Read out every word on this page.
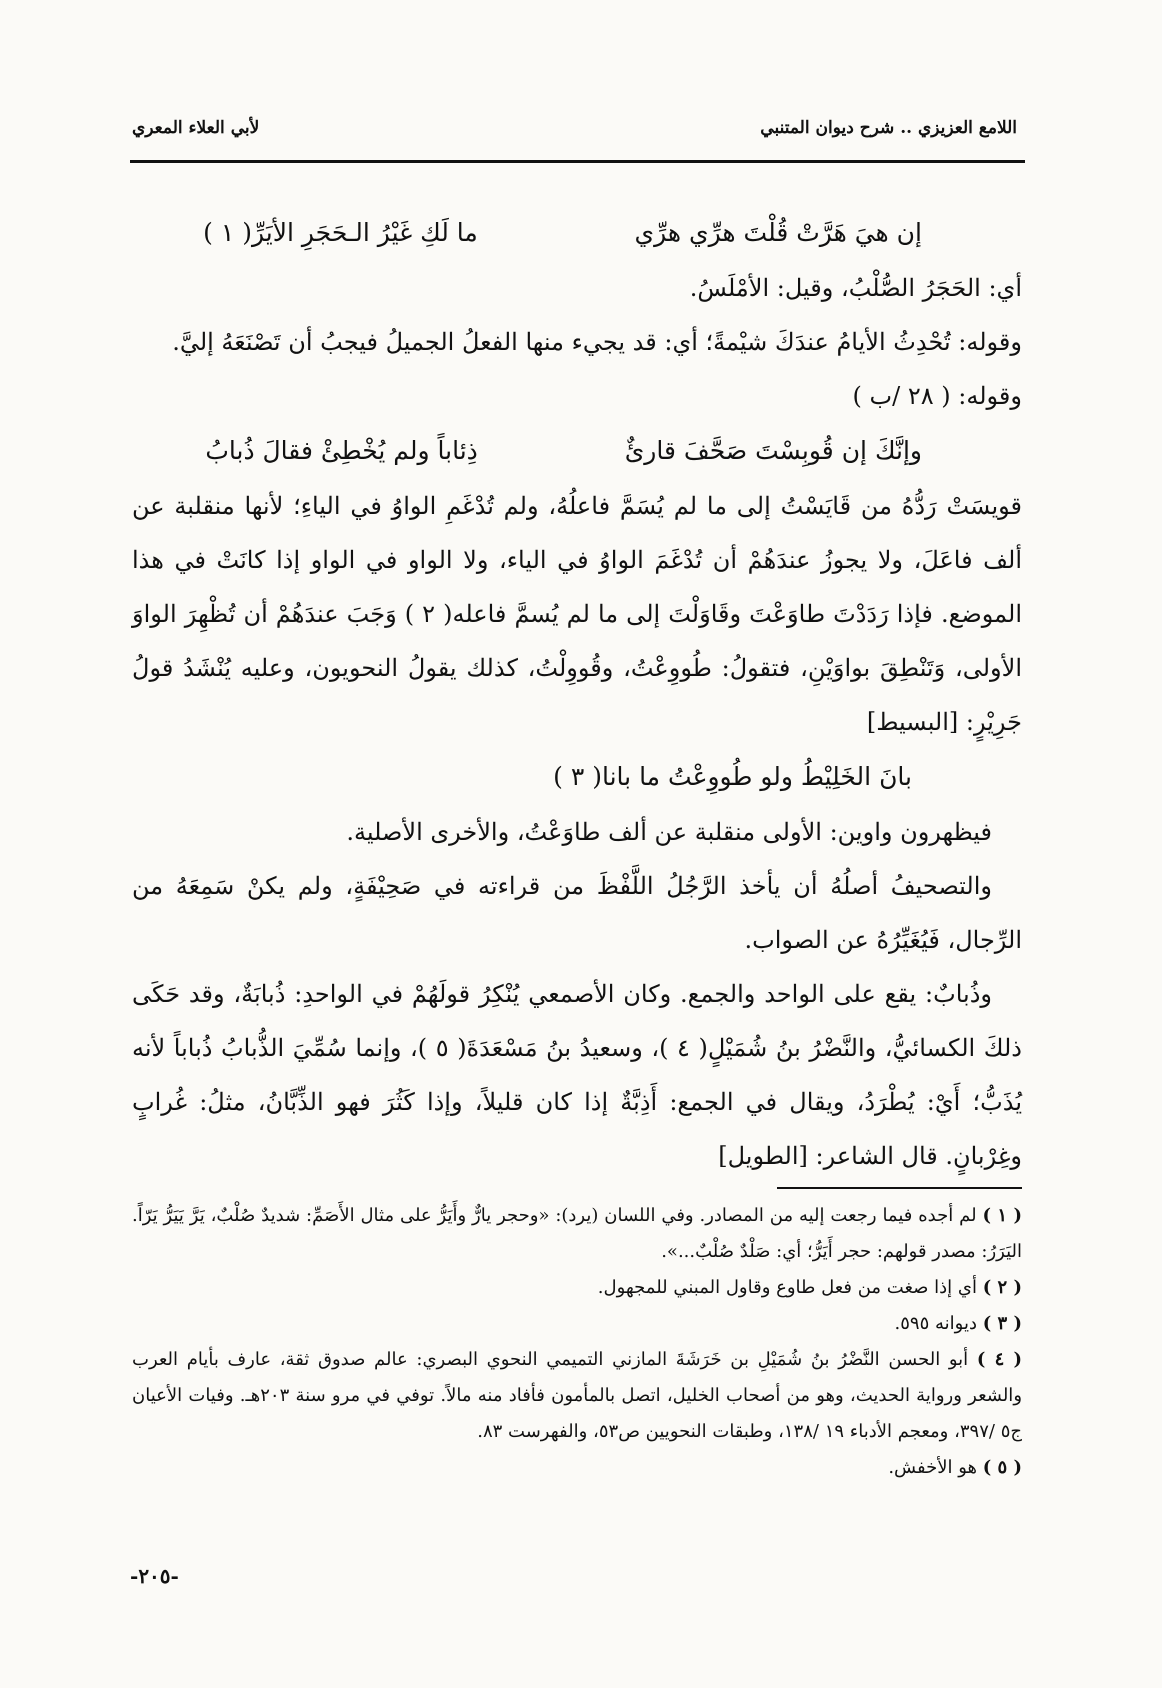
اللامع العزيزي .. شرح ديوان المتنبي
لأبي العلاء المعري
إن هيَ هَرَّتْ قُلْتَ هرِّي هرِّي
ما لَكِ غَيْرُ الـحَجَرِ الأيَرِّ( ١ )

أي: الحَجَرُ الصُّلْبُ، وقيل: الأمْلَسُ.

وقوله: تُحْدِثُ الأيامُ عندَكَ شيْمةً؛ أي: قد يجيء منها الفعلُ الجميلُ فيجبُ أن تَصْنَعَهُ إليَّ.

وقوله: ( ٢٨ /ب )

وإنَّكَ إن قُوبِسْتَ صَحَّفَ قارئٌ
ذِئاباً ولم يُخْطِئْ فقالَ ذُبابُ

قويسَتْ رَدُّهُ من قَايَسْتُ إلى ما لم يُسَمَّ فاعلُهُ، ولم تُدْغَمِ الواوُ في الياءِ؛ لأنها منقلبة عن ألف فاعَلَ، ولا يجوزُ عندَهُمْ أن تُدْغَمَ الواوُ في الياء، ولا الواو في الواو إذا كانَتْ في هذا الموضع. فإذا رَدَدْتَ طاوَعْتَ وقَاوَلْتَ إلى ما لم يُسمَّ فاعله( ٢ ) وَجَبَ عندَهُمْ أن تُظْهِرَ الواوَ الأولى، وَتَنْطِقَ بواوَيْنِ، فتقولُ: طُووِعْتُ، وقُووِلْتُ، كذلك يقولُ النحويون، وعليه يُنْشَدُ قولُ جَرِيْرٍ: [البسيط]

بانَ الخَلِيْطُ ولو طُووِعْتُ ما بانا( ٣ )

فيظهرون واوين: الأولى منقلبة عن ألف طاوَعْتُ، والأخرى الأصلية.

والتصحيفُ أصلُهُ أن يأخذ الرَّجُلُ اللَّفْظَ من قراءته في صَحِيْفَةٍ، ولم يكنْ سَمِعَهُ من الرِّجال، فَيُغَيِّرُهُ عن الصواب.

وذُبابٌ: يقع على الواحد والجمع. وكان الأصمعي يُنْكِرُ قولَهُمْ في الواحدِ: ذُبابَةٌ، وقد حَكَى ذلكَ الكسائيُّ، والنَّضْرُ بنُ شُمَيْلٍ( ٤ )، وسعيدُ بنُ مَسْعَدَةَ( ٥ )، وإنما سُمِّيَ الذُّبابُ ذُباباً لأنه يُذَبُّ؛ أَيْ: يُطْرَدُ، ويقال في الجمع: أَذِبَّةٌ إذا كان قليلاً، وإذا كَثُرَ فهو الذِّبَّانُ، مثلُ: غُرابٍ وغِرْبانٍ. قال الشاعر: [الطويل]

( ١ ) لم أجده فيما رجعت إليه من المصادر. وفي اللسان (يرد): «وحجر يارٌّ وأَيَرُّ على مثال الأَصَمِّ: شديدٌ صُلْبٌ، يَرَّ يَيَرُّ يَرّاً. اليَرَرُ: مصدر قولهم: حجر أَيَرُّ؛ أي: صَلْدٌ صُلْبٌ...».

( ٢ ) أي إذا صغت من فعل طاوع وقاول المبني للمجهول.

( ٣ ) ديوانه ٥٩٥.

( ٤ ) أبو الحسن النَّضْرُ بنُ شُمَيْلِ بن خَرَشَةَ المازني التميمي النحوي البصري: عالم صدوق ثقة، عارف بأيام العرب والشعر ورواية الحديث، وهو من أصحاب الخليل، اتصل بالمأمون فأفاد منه مالاً. توفي في مرو سنة ٢٠٣هـ. وفيات الأعيان ج٥ /٣٩٧، ومعجم الأدباء ١٩ /١٣٨، وطبقات النحويين ص٥٣، والفهرست ٨٣.

( ٥ ) هو الأخفش.

-٢٠٥-
